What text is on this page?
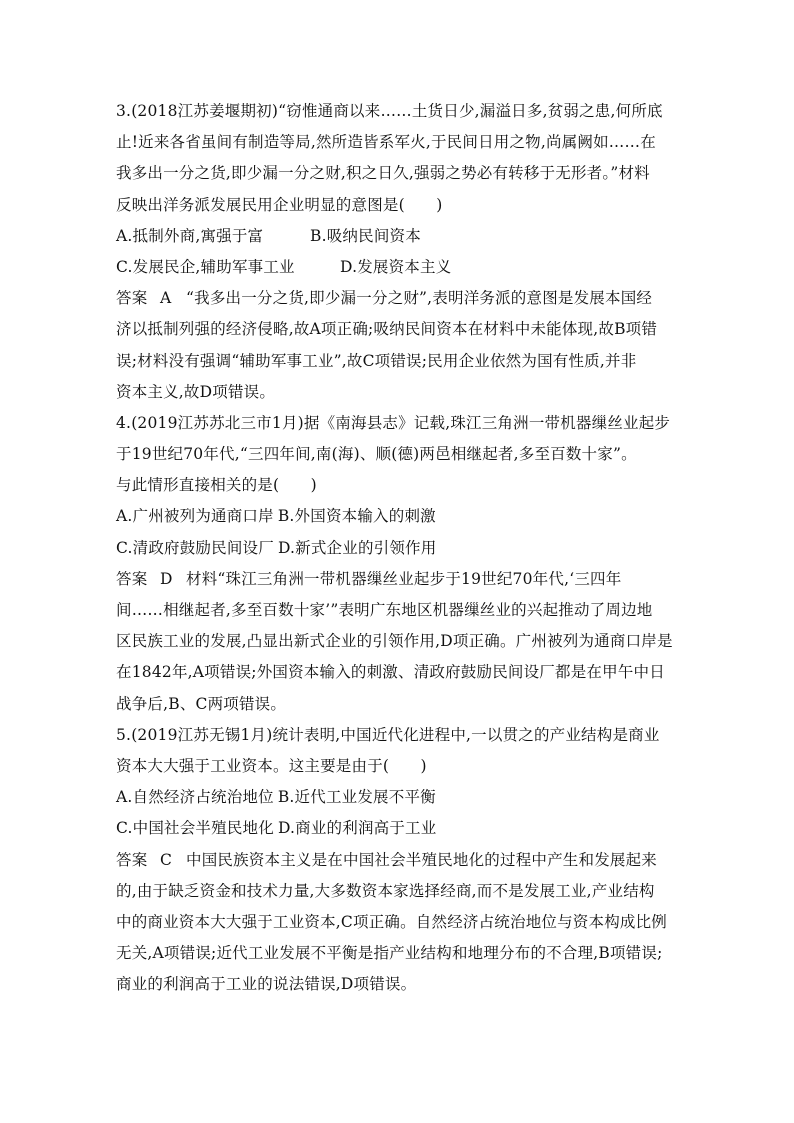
3.(2018江苏姜堰期初)“窃惟通商以来……土货日少,漏溢日多,贫弱之患,何所底
止!近来各省虽间有制造等局,然所造皆系军火,于民间日用之物,尚属阙如……在
我多出一分之货,即少漏一分之财,积之日久,强弱之势必有转移于无形者。”材料
反映出洋务派发展民用企业明显的意图是(　　)
A.抵制外商,寓强于富	B.吸纳民间资本
C.发展民企,辅助军事工业	D.发展资本主义
答案 A “我多出一分之货,即少漏一分之财”,表明洋务派的意图是发展本国经
济以抵制列强的经济侵略,故A项正确;吸纳民间资本在材料中未能体现,故B项错
误;材料没有强调“辅助军事工业”,故C项错误;民用企业依然为国有性质,并非
资本主义,故D项错误。
4.(2019江苏苏北三市1月)据《南海县志》记载,珠江三角洲一带机器缫丝业起步
于19世纪70年代,“三四年间,南(海)、顺(德)两邑相继起者,多至百数十家”。
与此情形直接相关的是(　　)
A.广州被列为通商口岸 B.外国资本输入的刺激
C.清政府鼓励民间设厂 D.新式企业的引领作用
答案 D 材料“珠江三角洲一带机器缫丝业起步于19世纪70年代,‘三四年
间……相继起者,多至百数十家’”表明广东地区机器缫丝业的兴起推动了周边地
区民族工业的发展,凸显出新式企业的引领作用,D项正确。广州被列为通商口岸是
在1842年,A项错误;外国资本输入的刺激、清政府鼓励民间设厂都是在甲午中日
战争后,B、C两项错误。
5.(2019江苏无锡1月)统计表明,中国近代化进程中,一以贯之的产业结构是商业
资本大大强于工业资本。这主要是由于(　　)
A.自然经济占统治地位 B.近代工业发展不平衡
C.中国社会半殖民地化 D.商业的利润高于工业
答案 C 中国民族资本主义是在中国社会半殖民地化的过程中产生和发展起来
的,由于缺乏资金和技术力量,大多数资本家选择经商,而不是发展工业,产业结构
中的商业资本大大强于工业资本,C项正确。自然经济占统治地位与资本构成比例
无关,A项错误;近代工业发展不平衡是指产业结构和地理分布的不合理,B项错误;
商业的利润高于工业的说法错误,D项错误。
